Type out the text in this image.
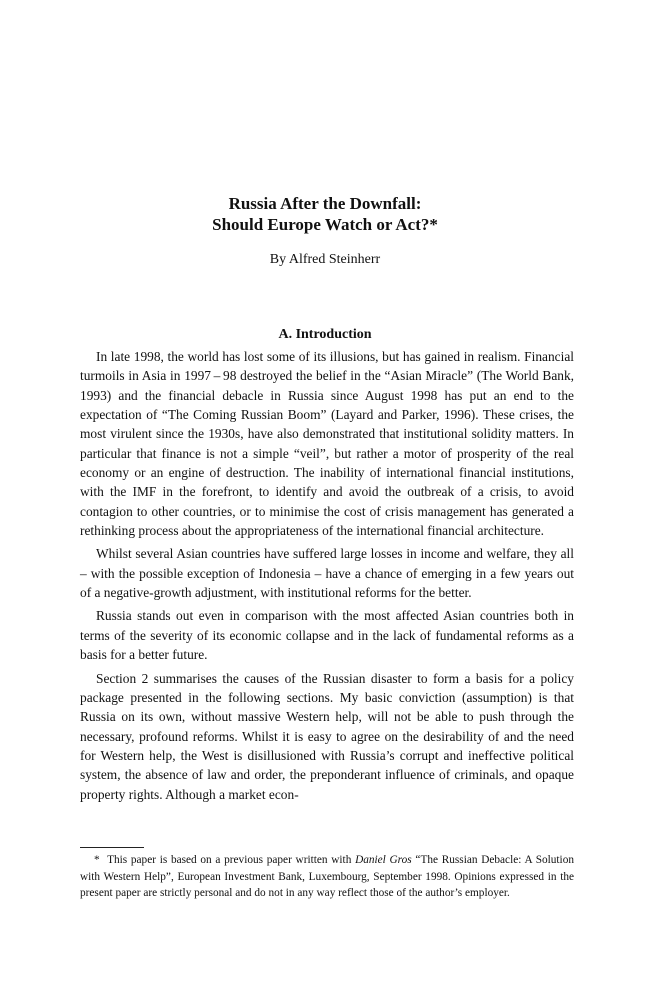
Russia After the Downfall:
Should Europe Watch or Act?*
By Alfred Steinherr
A. Introduction

In late 1998, the world has lost some of its illusions, but has gained in realism. Financial turmoils in Asia in 1997 – 98 destroyed the belief in the “Asian Miracle” (The World Bank, 1993) and the financial debacle in Russia since August 1998 has put an end to the expectation of “The Coming Russian Boom” (Layard and Parker, 1996). These crises, the most virulent since the 1930s, have also demonstrated that institutional solidity matters. In particular that finance is not a simple “veil”, but rather a motor of prosperity of the real economy or an engine of destruction. The inability of international financial institutions, with the IMF in the forefront, to identify and avoid the outbreak of a crisis, to avoid contagion to other countries, or to minimise the cost of crisis management has generated a rethinking process about the appropriateness of the international financial architecture.

Whilst several Asian countries have suffered large losses in income and welfare, they all – with the possible exception of Indonesia – have a chance of emerging in a few years out of a negative-growth adjustment, with institutional reforms for the better.

Russia stands out even in comparison with the most affected Asian countries both in terms of the severity of its economic collapse and in the lack of fundamental reforms as a basis for a better future.

Section 2 summarises the causes of the Russian disaster to form a basis for a policy package presented in the following sections. My basic conviction (assumption) is that Russia on its own, without massive Western help, will not be able to push through the necessary, profound reforms. Whilst it is easy to agree on the desirability of and the need for Western help, the West is disillusioned with Russia’s corrupt and ineffective political system, the absence of law and order, the preponderant influence of criminals, and opaque property rights. Although a market econ-

* This paper is based on a previous paper written with Daniel Gros “The Russian Debacle: A Solution with Western Help”, European Investment Bank, Luxembourg, September 1998. Opinions expressed in the present paper are strictly personal and do not in any way reflect those of the author’s employer.
